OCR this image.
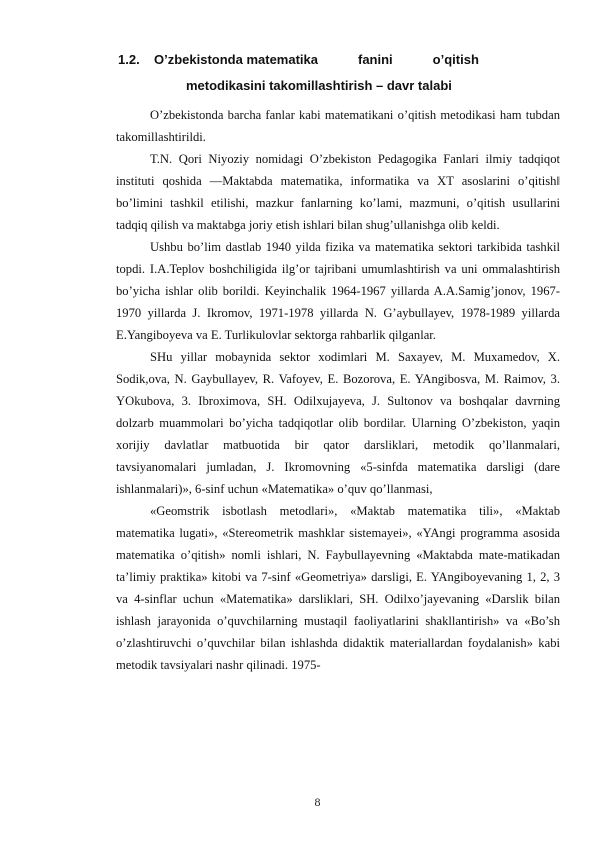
1.2. O’zbekistonda matematika	fanini	o’qitish
metodikasini takomillashtirish – davr talabi

O’zbekistonda barcha fanlar kabi matematikani o’qitish metodikasi ham tubdan takomillashtirildi.

T.N. Qori Niyoziy nomidagi O’zbekiston Pedagogika Fanlari ilmiy tadqiqot instituti qoshida ―Maktabda matematika, informatika va XT asoslarini o’qitish‖ bo’limini tashkil etilishi, mazkur fanlarning ko’lami, mazmuni, o’qitish usullarini tadqiq qilish va maktabga joriy etish ishlari bilan shug’ullanishga olib keldi.

Ushbu bo’lim dastlab 1940 yilda fizika va matematika sektori tarkibida tashkil topdi. I.A.Teplov boshchiligida ilg’or tajribani umumlashtirish va uni ommalashtirish bo’yicha ishlar olib borildi. Keyinchalik 1964-1967 yillarda A.A.Samig’jonov, 1967-1970 yillarda J. Ikromov, 1971-1978 yillarda N. G’aybullayev, 1978-1989 yillarda E.Yangiboyeva va E. Turlikulovlar sektorga rahbarlik qilganlar.

SHu yillar mobaynida sektor xodimlari M. Saxayev, M. Muxamedov, X. Sodik,ova, N. Gaybullayev, R. Vafoyev, E. Bozorova, E. YAngibosva, M. Raimov, 3. YOkubova, 3. Ibroximova, SH. Odilxujayeva, J. Sultonov va boshqalar davrning dolzarb muammolari bo’yicha tadqiqotlar olib bordilar. Ularning O’zbekiston, yaqin xorijiy davlatlar matbuotida bir qator darsliklari, metodik qo’llanmalari, tavsiyanomalari jumladan, J. Ikromovning «5-sinfda matematika darsligi (dare ishlanmalari)», 6-sinf uchun «Matematika» o’quv qo’llanmasi,

«Geomstrik isbotlash metodlari», «Maktab matematika tili», «Maktab matematika lugati», «Stereometrik mashklar sistemayei», «YAngi programma asosida matematika o’qitish» nomli ishlari, N. Faybullayevning «Maktabda mate-matikadan ta’limiy praktika» kitobi va 7-sinf «Geometriya» darsligi, E. YAngiboyevaning 1, 2, 3 va 4-sinflar uchun «Matematika» darsliklari, SH. Odilxo’jayevaning «Darslik bilan ishlash jarayonida o’quvchilarning mustaqil faoliyatlarini shakllantirish» va «Bo’sh o’zlashtiruvchi o’quvchilar bilan ishlashda didaktik materiallardan foydalanish» kabi metodik tavsiyalari nashr qilinadi. 1975-

8
